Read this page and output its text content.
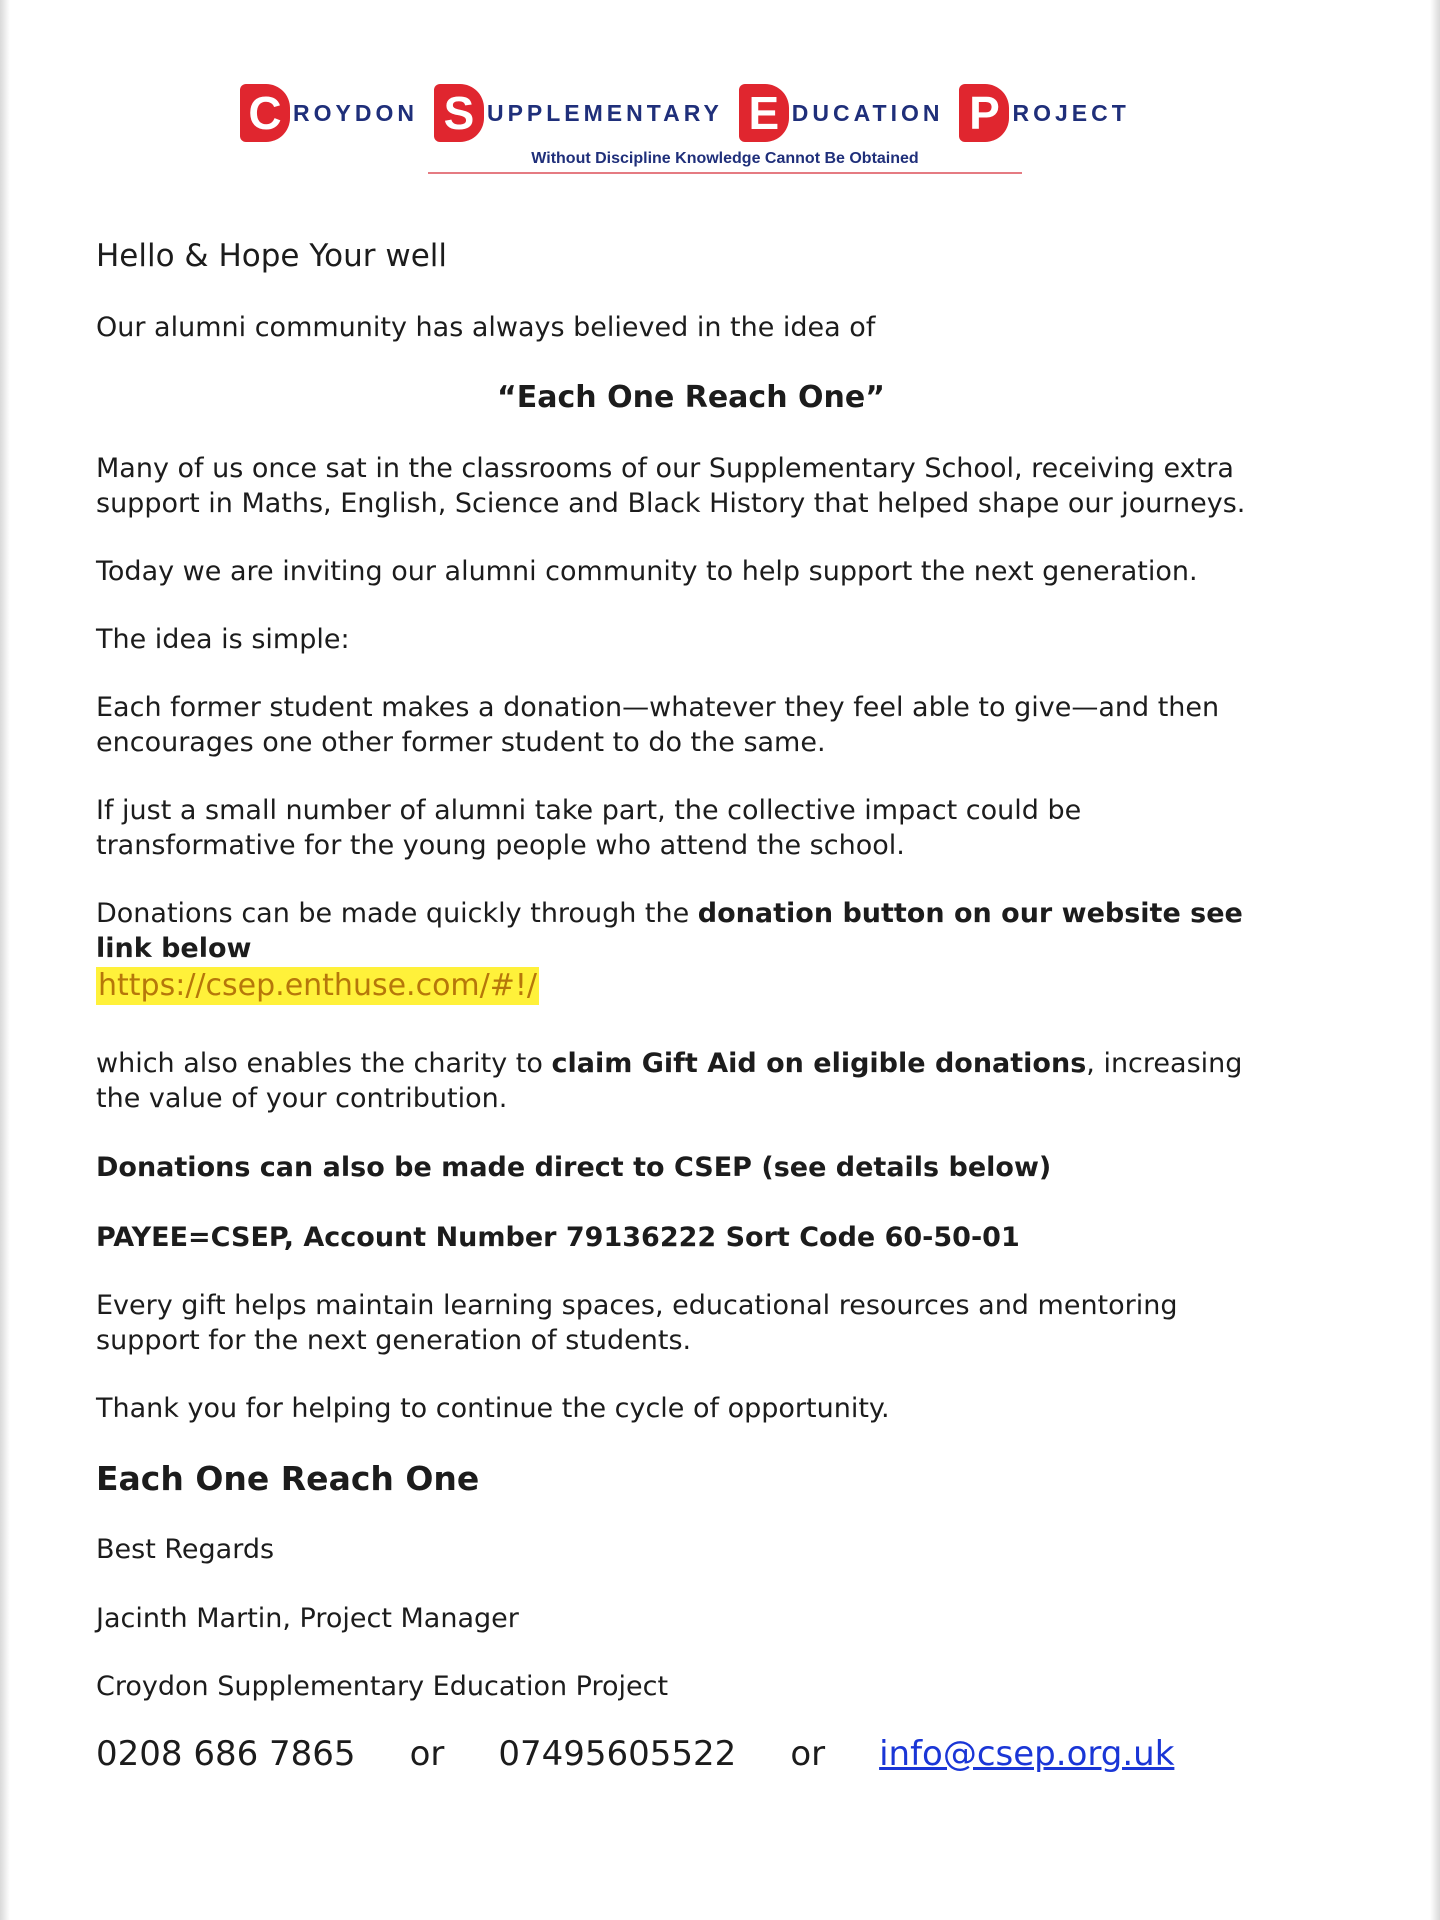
C ROYDON S UPPLEMENTARY E DUCATION P ROJECT
Without Discipline Knowledge Cannot Be Obtained

Hello & Hope Your well

Our alumni community has always believed in the idea of

“Each One Reach One”

Many of us once sat in the classrooms of our Supplementary School, receiving extra

support in Maths, English, Science and Black History that helped shape our journeys.

Today we are inviting our alumni community to help support the next generation.

The idea is simple:

Each former student makes a donation—whatever they feel able to give—and then

encourages one other former student to do the same.

If just a small number of alumni take part, the collective impact could be

transformative for the young people who attend the school.

Donations can be made quickly through the donation button on our website see

link below

https://csep.enthuse.com/#!/

which also enables the charity to claim Gift Aid on eligible donations, increasing

the value of your contribution.

Donations can also be made direct to CSEP (see details below)

PAYEE=CSEP, Account Number 79136222 Sort Code 60-50-01

Every gift helps maintain learning spaces, educational resources and mentoring

support for the next generation of students.

Thank you for helping to continue the cycle of opportunity.

Each One Reach One

Best Regards

Jacinth Martin, Project Manager

Croydon Supplementary Education Project

0208 686 7865 or 07495605522 or info@csep.org.uk
